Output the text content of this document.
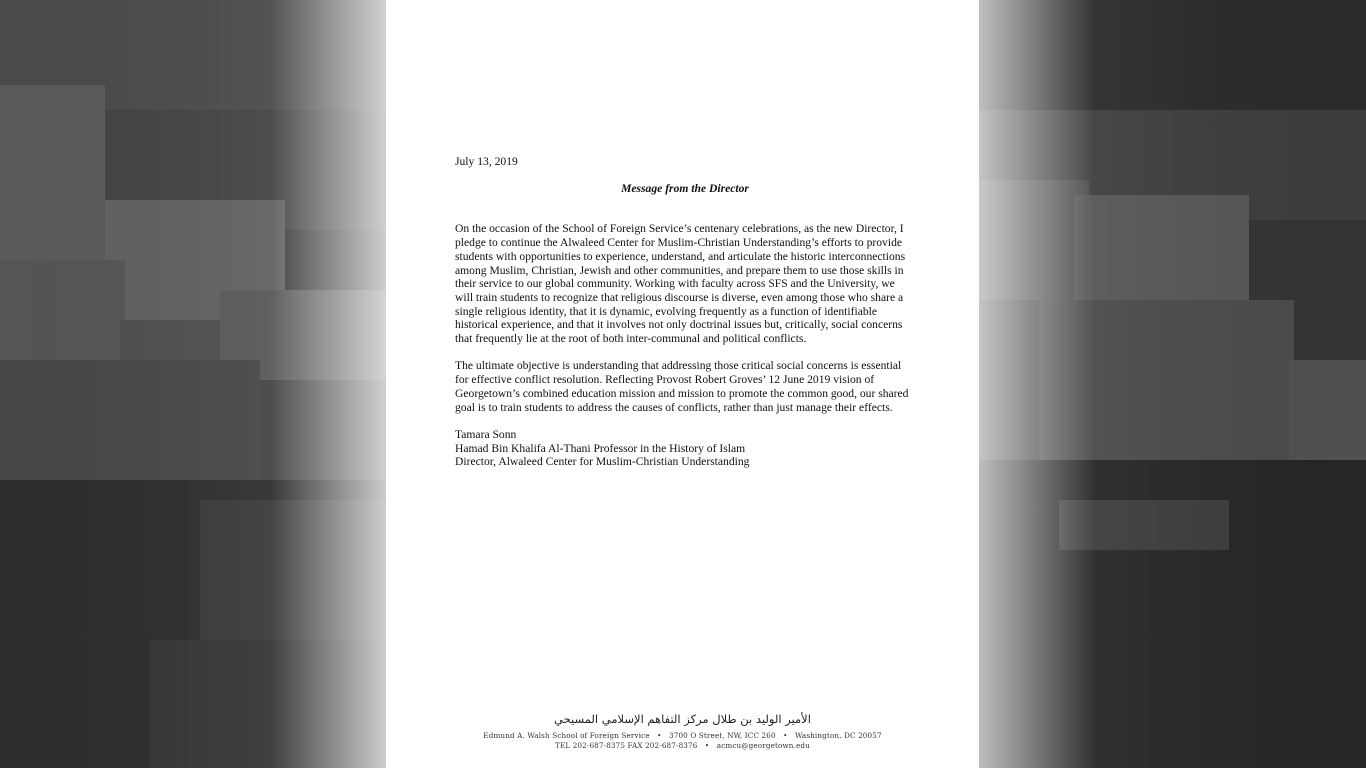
July 13, 2019

Message from the Director

On the occasion of the School of Foreign Service’s centenary celebrations, as the new Director, I pledge to continue the Alwaleed Center for Muslim-Christian Understanding’s efforts to provide students with opportunities to experience, understand, and articulate the historic interconnections among Muslim, Christian, Jewish and other communities, and prepare them to use those skills in their service to our global community. Working with faculty across SFS and the University, we will train students to recognize that religious discourse is diverse, even among those who share a single religious identity, that it is dynamic, evolving frequently as a function of identifiable historical experience, and that it involves not only doctrinal issues but, critically, social concerns that frequently lie at the root of both inter-communal and political conflicts.

The ultimate objective is understanding that addressing those critical social concerns is essential for effective conflict resolution. Reflecting Provost Robert Groves’ 12 June 2019 vision of Georgetown’s combined education mission and mission to promote the common good, our shared goal is to train students to address the causes of conflicts, rather than just manage their effects.

Tamara Sonn
Hamad Bin Khalifa Al-Thani Professor in the History of Islam
Director, Alwaleed Center for Muslim-Christian Understanding
الأمير الوليد بن طلال مركز التفاهم الإسلامي المسيحي
Edmund A. Walsh School of Foreign Service • 3700 O Street, NW, ICC 260 • Washington, DC 20057
TEL 202-687-8375 FAX 202-687-8376 • acmcu@georgetown.edu
